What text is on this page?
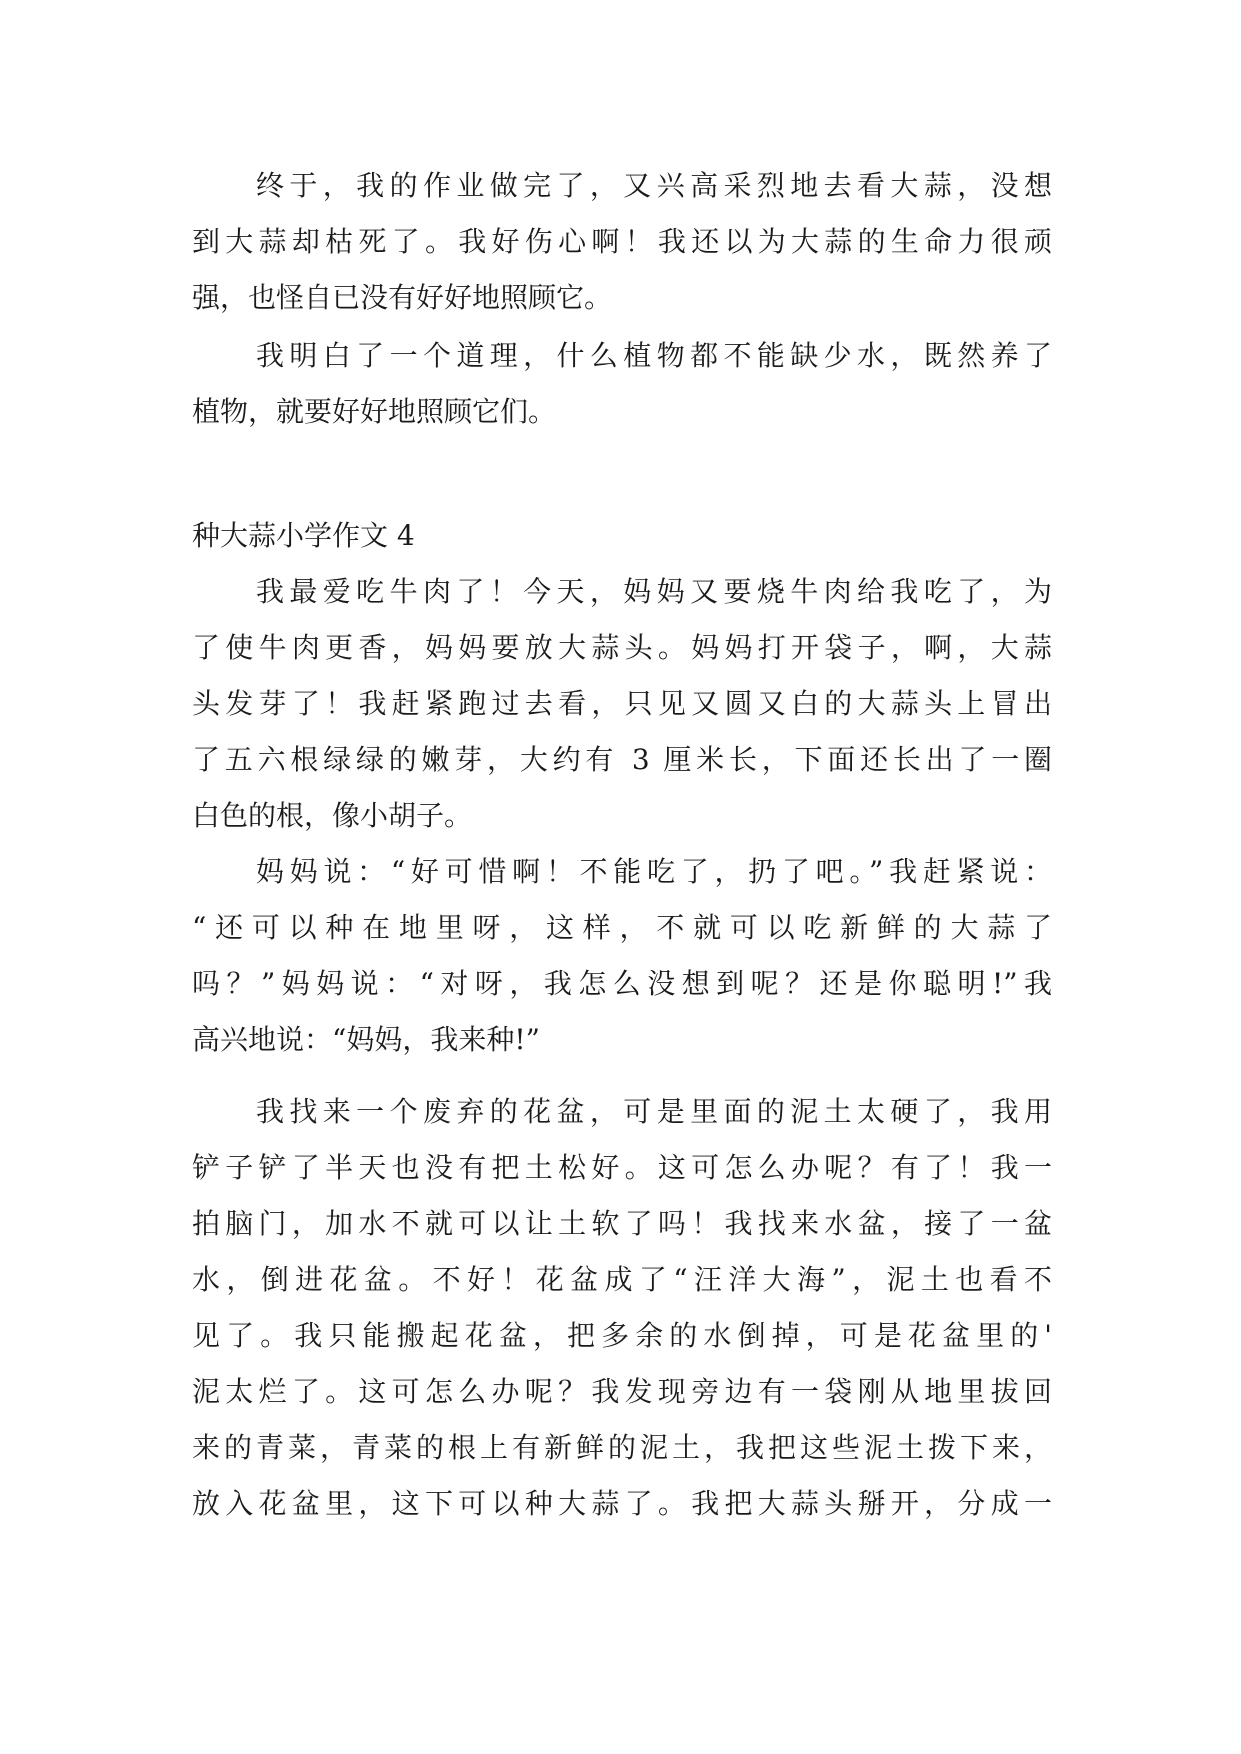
终于，我的作业做完了，又兴高采烈地去看大蒜，没想
到大蒜却枯死了。我好伤心啊！我还以为大蒜的生命力很顽
强，也怪自已没有好好地照顾它。
我明白了一个道理，什么植物都不能缺少水，既然养了
植物，就要好好地照顾它们。
种大蒜小学作文 4
我最爱吃牛肉了！今天，妈妈又要烧牛肉给我吃了，为
了使牛肉更香，妈妈要放大蒜头。妈妈打开袋子，啊，大蒜
头发芽了！我赶紧跑过去看，只见又圆又白的大蒜头上冒出
了五六根绿绿的嫩芽，大约有 3 厘米长，下面还长出了一圈
白色的根，像小胡子。
妈妈说：“好可惜啊！不能吃了，扔了吧。”我赶紧说：
“还可以种在地里呀，这样，不就可以吃新鲜的大蒜了
吗？”妈妈说：“对呀，我怎么没想到呢？还是你聪明!”我
高兴地说：“妈妈，我来种!”
我找来一个废弃的花盆，可是里面的泥土太硬了，我用
铲子铲了半天也没有把土松好。这可怎么办呢？有了！我一
拍脑门，加水不就可以让土软了吗！我找来水盆，接了一盆
水，倒进花盆。不好！花盆成了“汪洋大海”，泥土也看不
见了。我只能搬起花盆，把多余的水倒掉，可是花盆里的'
泥太烂了。这可怎么办呢？我发现旁边有一袋刚从地里拔回
来的青菜，青菜的根上有新鲜的泥土，我把这些泥土拨下来，
放入花盆里，这下可以种大蒜了。我把大蒜头掰开，分成一
